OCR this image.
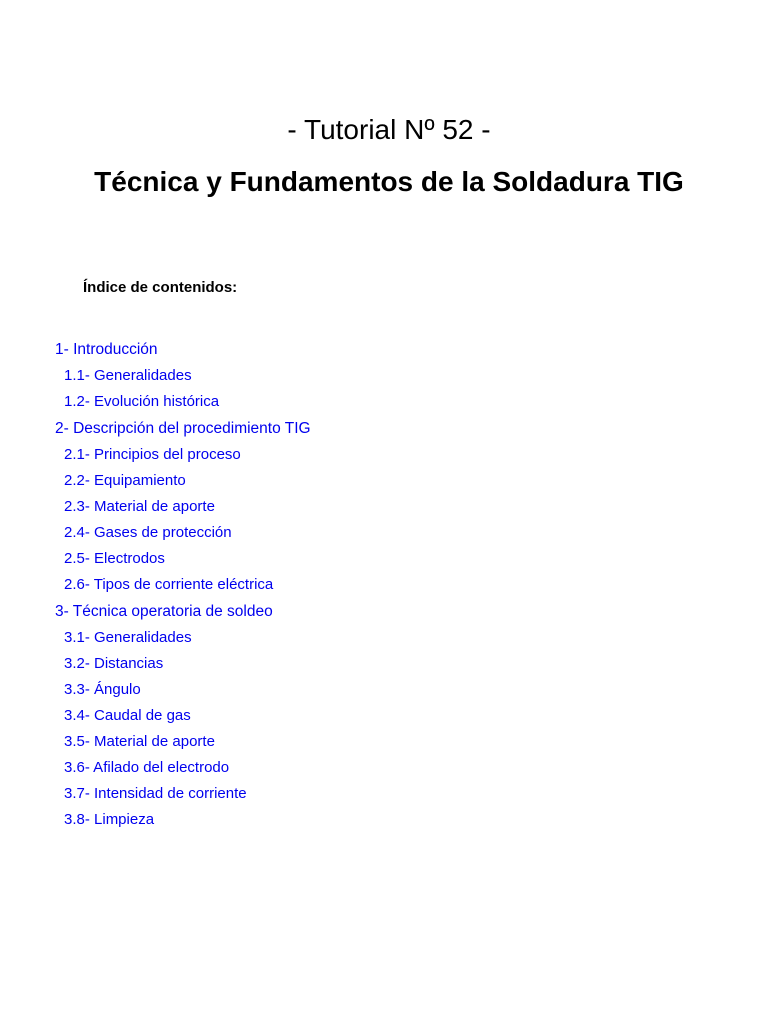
- Tutorial Nº 52 -
Técnica y Fundamentos de la Soldadura TIG
Índice de contenidos:
1- Introducción
1.1- Generalidades
1.2- Evolución histórica
2- Descripción del procedimiento TIG
2.1- Principios del proceso
2.2- Equipamiento
2.3- Material de aporte
2.4- Gases de protección
2.5- Electrodos
2.6- Tipos de corriente eléctrica
3- Técnica operatoria de soldeo
3.1- Generalidades
3.2- Distancias
3.3- Ángulo
3.4- Caudal de gas
3.5- Material de aporte
3.6- Afilado del electrodo
3.7- Intensidad de corriente
3.8- Limpieza
